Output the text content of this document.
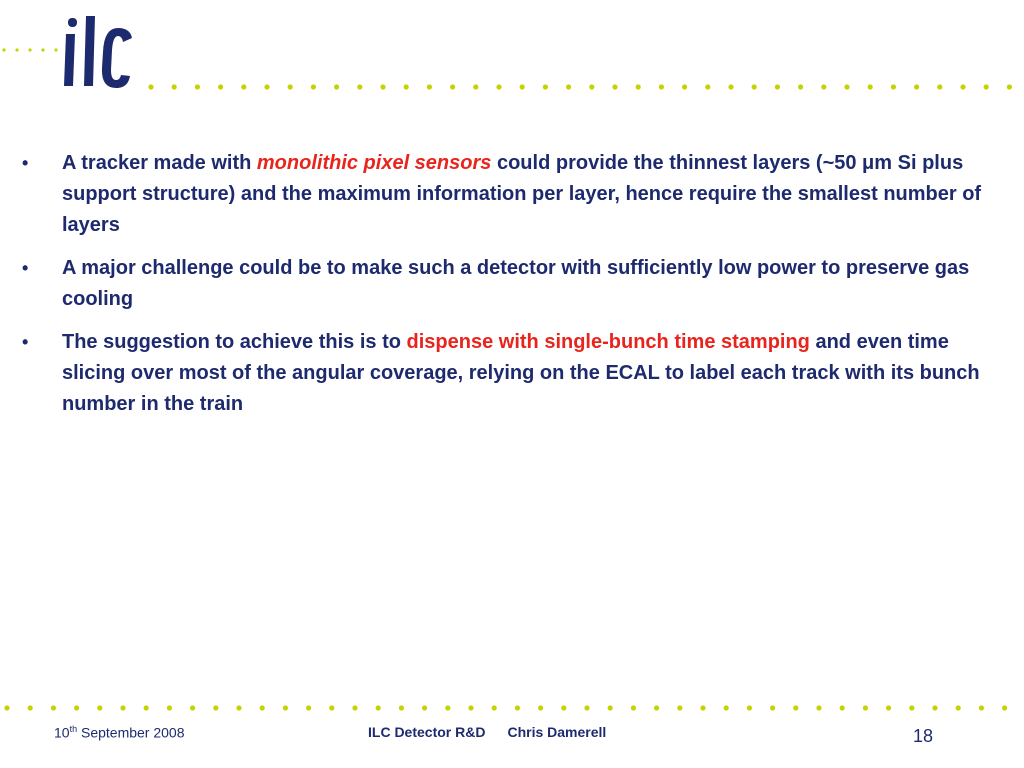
•	A tracker made with monolithic pixel sensors could provide the thinnest layers (~50 μm Si plus support structure) and the maximum information per layer, hence require the smallest number of layers
•	A major challenge could be to make such a detector with sufficiently low power to preserve gas cooling
•	The suggestion to achieve this is to dispense with single-bunch time stamping and even time slicing over most of the angular coverage, relying on the ECAL to label each track with its bunch number in the train
10th September 2008	ILC Detector R&D Chris Damerell	18
